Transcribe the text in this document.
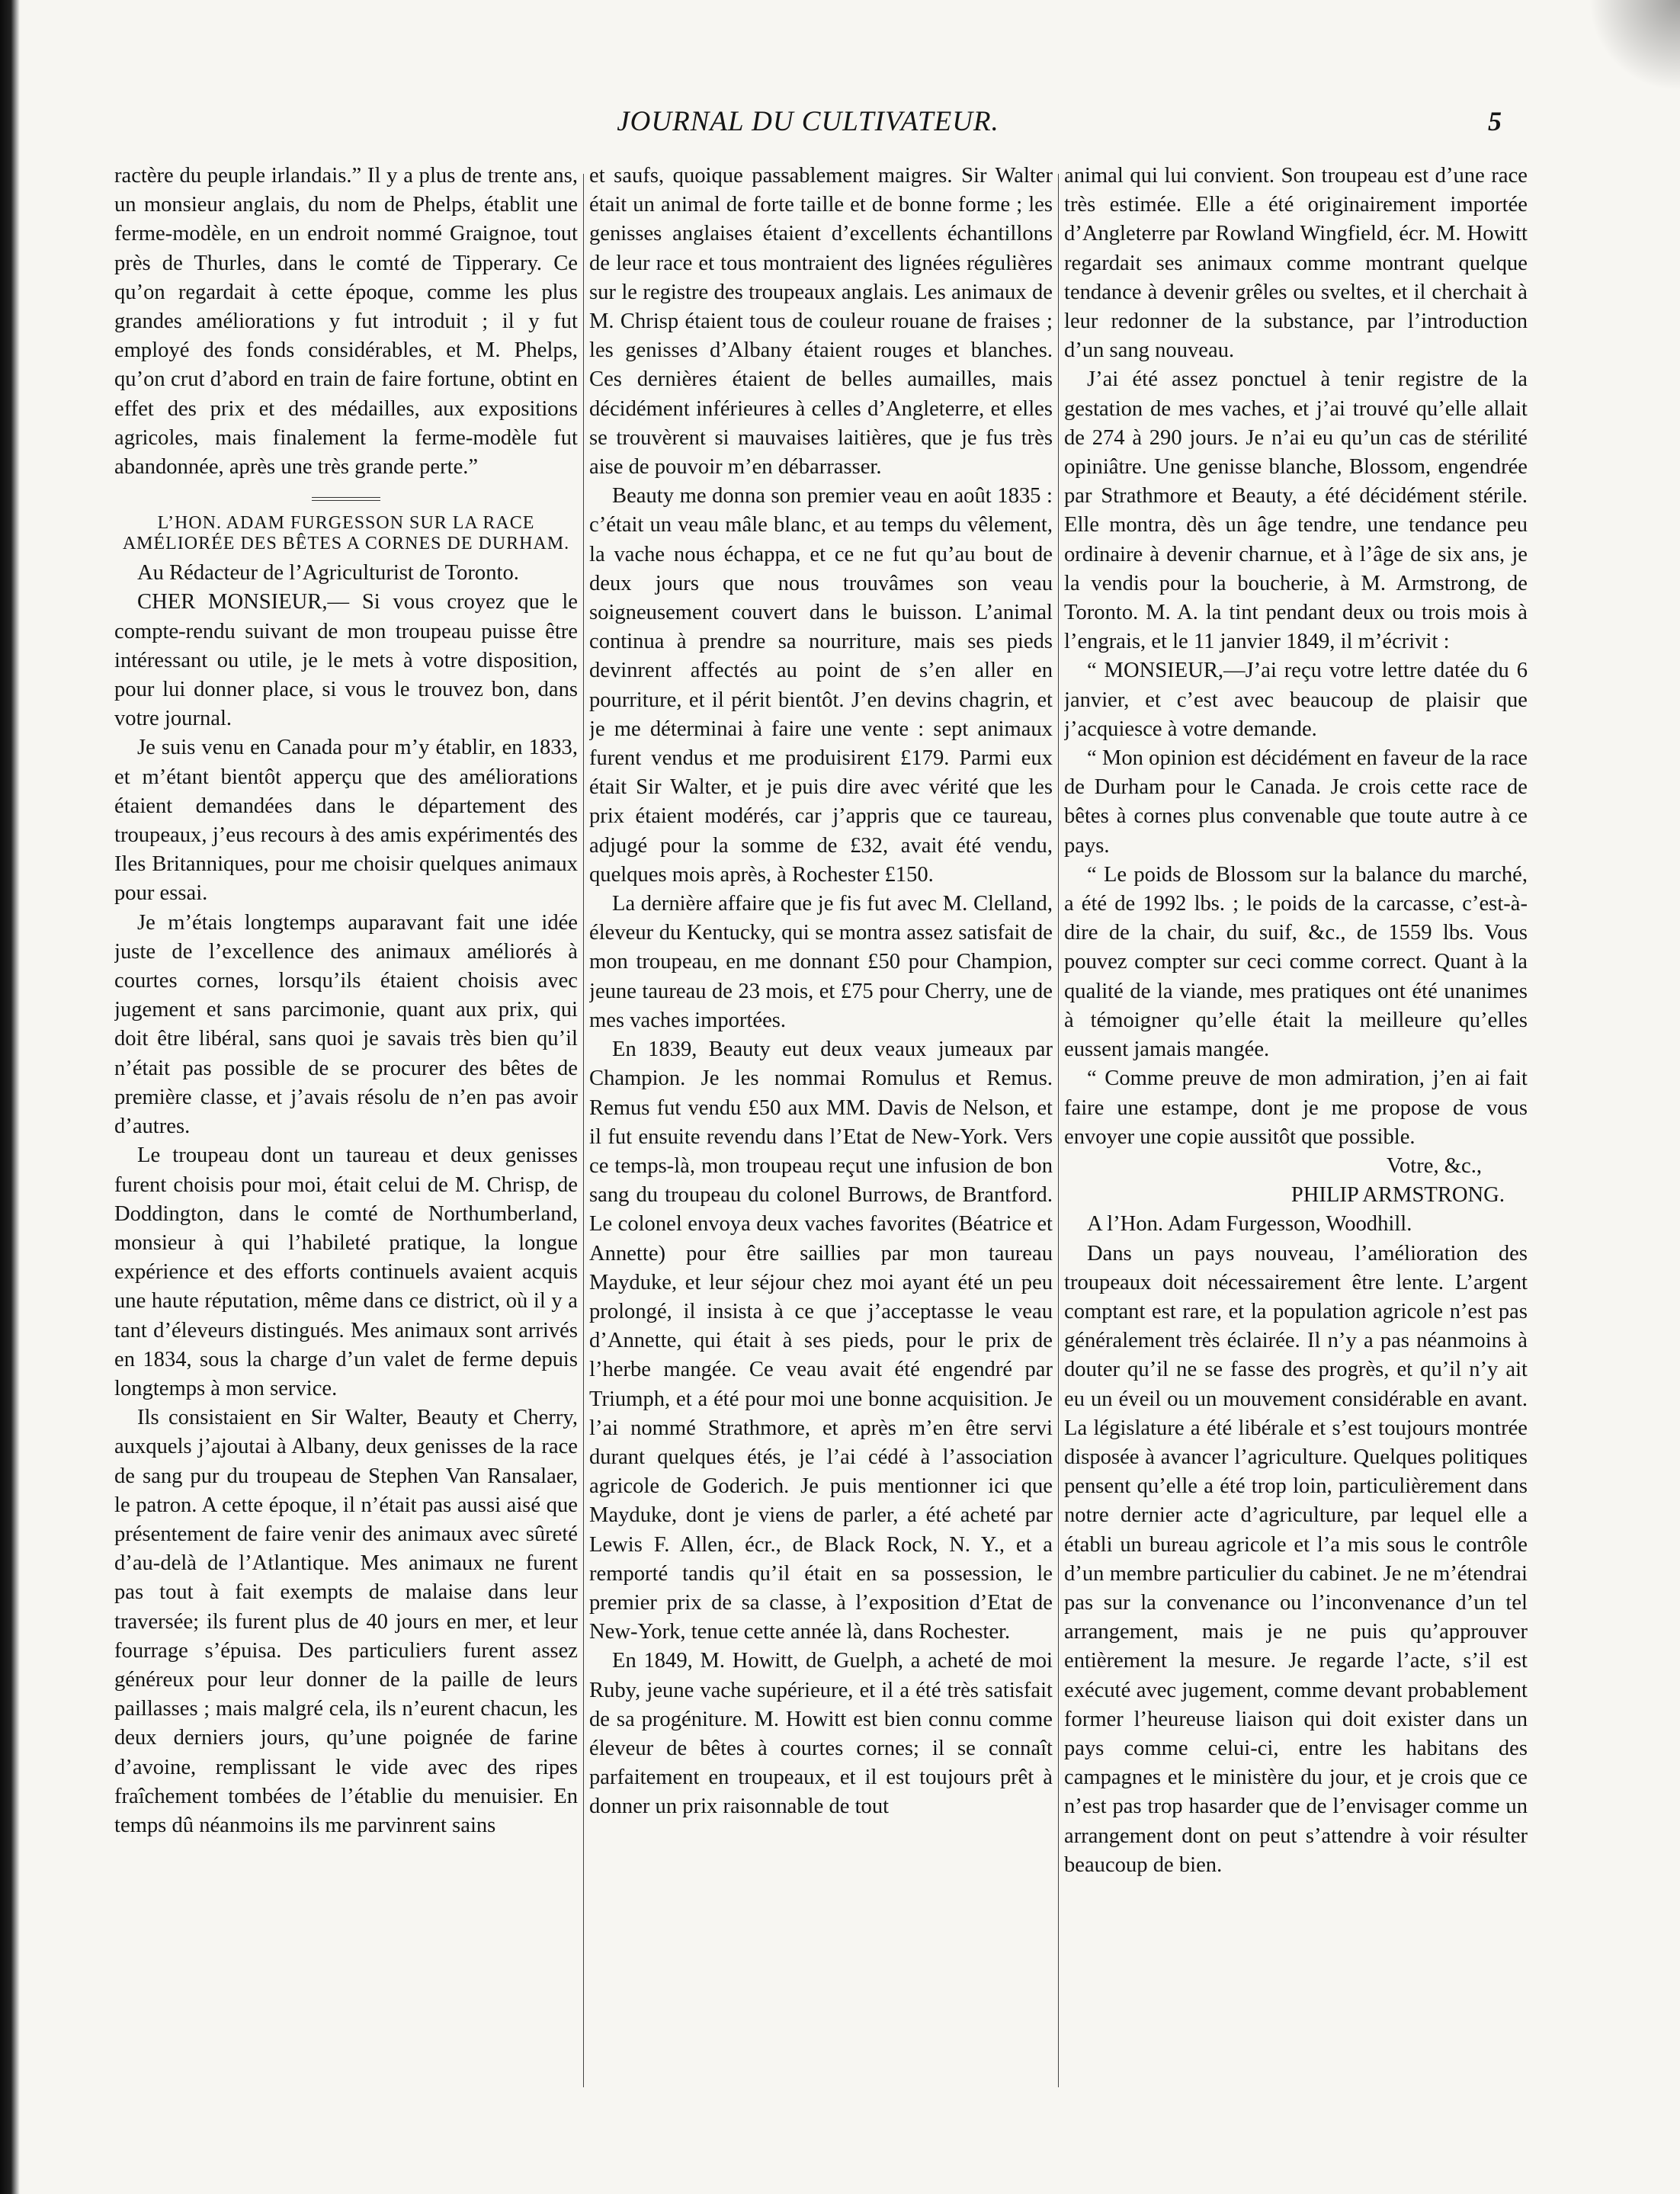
JOURNAL DU CULTIVATEUR.	5

ractère du peuple irlandais.” Il y a plus de trente ans, un monsieur anglais, du nom de Phelps, établit une ferme-modèle, en un endroit nommé Graignoe, tout près de Thurles, dans le comté de Tipperary. Ce qu’on regardait à cette époque, comme les plus grandes améliorations y fut introduit ; il y fut employé des fonds considérables, et M. Phelps, qu’on crut d’abord en train de faire fortune, obtint en effet des prix et des médailles, aux expositions agricoles, mais finalement la ferme-modèle fut abandonnée, après une très grande perte.”

L’HON. ADAM FURGESSON SUR LA RACE AMÉLIORÉE DES BÊTES A CORNES DE DURHAM.

Au Rédacteur de l’Agriculturist de Toronto.

CHER MONSIEUR,— Si vous croyez que le compte-rendu suivant de mon troupeau puisse être intéressant ou utile, je le mets à votre disposition, pour lui donner place, si vous le trouvez bon, dans votre journal.

Je suis venu en Canada pour m’y établir, en 1833, et m’étant bientôt apperçu que des améliorations étaient demandées dans le département des troupeaux, j’eus recours à des amis expérimentés des Iles Britanniques, pour me choisir quelques animaux pour essai.

Je m’étais longtemps auparavant fait une idée juste de l’excellence des animaux améliorés à courtes cornes, lorsqu’ils étaient choisis avec jugement et sans parcimonie, quant aux prix, qui doit être libéral, sans quoi je savais très bien qu’il n’était pas possible de se procurer des bêtes de première classe, et j’avais résolu de n’en pas avoir d’autres.

Le troupeau dont un taureau et deux genisses furent choisis pour moi, était celui de M. Chrisp, de Doddington, dans le comté de Northumberland, monsieur à qui l’habileté pratique, la longue expérience et des efforts continuels avaient acquis une haute réputation, même dans ce district, où il y a tant d’éleveurs distingués. Mes animaux sont arrivés en 1834, sous la charge d’un valet de ferme depuis longtemps à mon service.

Ils consistaient en Sir Walter, Beauty et Cherry, auxquels j’ajoutai à Albany, deux genisses de la race de sang pur du troupeau de Stephen Van Ransalaer, le patron. A cette époque, il n’était pas aussi aisé que présentement de faire venir des animaux avec sûreté d’au-delà de l’Atlantique. Mes animaux ne furent pas tout à fait exempts de malaise dans leur traversée; ils furent plus de 40 jours en mer, et leur fourrage s’épuisa. Des particuliers furent assez généreux pour leur donner de la paille de leurs paillasses ; mais malgré cela, ils n’eurent chacun, les deux derniers jours, qu’une poignée de farine d’avoine, remplissant le vide avec des ripes fraîchement tombées de l’établie du menuisier. En temps dû néanmoins ils me parvinrent sains

et saufs, quoique passablement maigres. Sir Walter était un animal de forte taille et de bonne forme ; les genisses anglaises étaient d’excellents échantillons de leur race et tous montraient des lignées régulières sur le registre des troupeaux anglais. Les animaux de M. Chrisp étaient tous de couleur rouane de fraises ; les genisses d’Albany étaient rouges et blanches. Ces dernières étaient de belles aumailles, mais décidément inférieures à celles d’Angleterre, et elles se trouvèrent si mauvaises laitières, que je fus très aise de pouvoir m’en débarrasser.

Beauty me donna son premier veau en août 1835 : c’était un veau mâle blanc, et au temps du vêlement, la vache nous échappa, et ce ne fut qu’au bout de deux jours que nous trouvâmes son veau soigneusement couvert dans le buisson. L’animal continua à prendre sa nourriture, mais ses pieds devinrent affectés au point de s’en aller en pourriture, et il périt bientôt. J’en devins chagrin, et je me déterminai à faire une vente : sept animaux furent vendus et me produisirent £179. Parmi eux était Sir Walter, et je puis dire avec vérité que les prix étaient modérés, car j’appris que ce taureau, adjugé pour la somme de £32, avait été vendu, quelques mois après, à Rochester £150.

La dernière affaire que je fis fut avec M. Clelland, éleveur du Kentucky, qui se montra assez satisfait de mon troupeau, en me donnant £50 pour Champion, jeune taureau de 23 mois, et £75 pour Cherry, une de mes vaches importées.

En 1839, Beauty eut deux veaux jumeaux par Champion. Je les nommai Romulus et Remus. Remus fut vendu £50 aux MM. Davis de Nelson, et il fut ensuite revendu dans l’Etat de New-York. Vers ce temps-là, mon troupeau reçut une infusion de bon sang du troupeau du colonel Burrows, de Brantford. Le colonel envoya deux vaches favorites (Béatrice et Annette) pour être saillies par mon taureau Mayduke, et leur séjour chez moi ayant été un peu prolongé, il insista à ce que j’acceptasse le veau d’Annette, qui était à ses pieds, pour le prix de l’herbe mangée. Ce veau avait été engendré par Triumph, et a été pour moi une bonne acquisition. Je l’ai nommé Strathmore, et après m’en être servi durant quelques étés, je l’ai cédé à l’association agricole de Goderich. Je puis mentionner ici que Mayduke, dont je viens de parler, a été acheté par Lewis F. Allen, écr., de Black Rock, N. Y., et a remporté tandis qu’il était en sa possession, le premier prix de sa classe, à l’exposition d’Etat de New-York, tenue cette année là, dans Rochester.

En 1849, M. Howitt, de Guelph, a acheté de moi Ruby, jeune vache supérieure, et il a été très satisfait de sa progéniture. M. Howitt est bien connu comme éleveur de bêtes à courtes cornes; il se connaît parfaitement en troupeaux, et il est toujours prêt à donner un prix raisonnable de tout

animal qui lui convient. Son troupeau est d’une race très estimée. Elle a été originairement importée d’Angleterre par Rowland Wingfield, écr. M. Howitt regardait ses animaux comme montrant quelque tendance à devenir grêles ou sveltes, et il cherchait à leur redonner de la substance, par l’introduction d’un sang nouveau.

J’ai été assez ponctuel à tenir registre de la gestation de mes vaches, et j’ai trouvé qu’elle allait de 274 à 290 jours. Je n’ai eu qu’un cas de stérilité opiniâtre. Une genisse blanche, Blossom, engendrée par Strathmore et Beauty, a été décidément stérile. Elle montra, dès un âge tendre, une tendance peu ordinaire à devenir charnue, et à l’âge de six ans, je la vendis pour la boucherie, à M. Armstrong, de Toronto. M. A. la tint pendant deux ou trois mois à l’engrais, et le 11 janvier 1849, il m’écrivit :

“ MONSIEUR,—J’ai reçu votre lettre datée du 6 janvier, et c’est avec beaucoup de plaisir que j’acquiesce à votre demande.

“ Mon opinion est décidément en faveur de la race de Durham pour le Canada. Je crois cette race de bêtes à cornes plus convenable que toute autre à ce pays.

“ Le poids de Blossom sur la balance du marché, a été de 1992 lbs. ; le poids de la carcasse, c’est-à-dire de la chair, du suif, &c., de 1559 lbs. Vous pouvez compter sur ceci comme correct. Quant à la qualité de la viande, mes pratiques ont été unanimes à témoigner qu’elle était la meilleure qu’elles eussent jamais mangée.

“ Comme preuve de mon admiration, j’en ai fait faire une estampe, dont je me propose de vous envoyer une copie aussitôt que possible.

Votre, &c.,

PHILIP ARMSTRONG.

A l’Hon. Adam Furgesson, Woodhill.

Dans un pays nouveau, l’amélioration des troupeaux doit nécessairement être lente. L’argent comptant est rare, et la population agricole n’est pas généralement très éclairée. Il n’y a pas néanmoins à douter qu’il ne se fasse des progrès, et qu’il n’y ait eu un éveil ou un mouvement considérable en avant. La législature a été libérale et s’est toujours montrée disposée à avancer l’agriculture. Quelques politiques pensent qu’elle a été trop loin, particulièrement dans notre dernier acte d’agriculture, par lequel elle a établi un bureau agricole et l’a mis sous le contrôle d’un membre particulier du cabinet. Je ne m’étendrai pas sur la convenance ou l’inconvenance d’un tel arrangement, mais je ne puis qu’approuver entièrement la mesure. Je regarde l’acte, s’il est exécuté avec jugement, comme devant probablement former l’heureuse liaison qui doit exister dans un pays comme celui-ci, entre les habitans des campagnes et le ministère du jour, et je crois que ce n’est pas trop hasarder que de l’envisager comme un arrangement dont on peut s’attendre à voir résulter beaucoup de bien.
